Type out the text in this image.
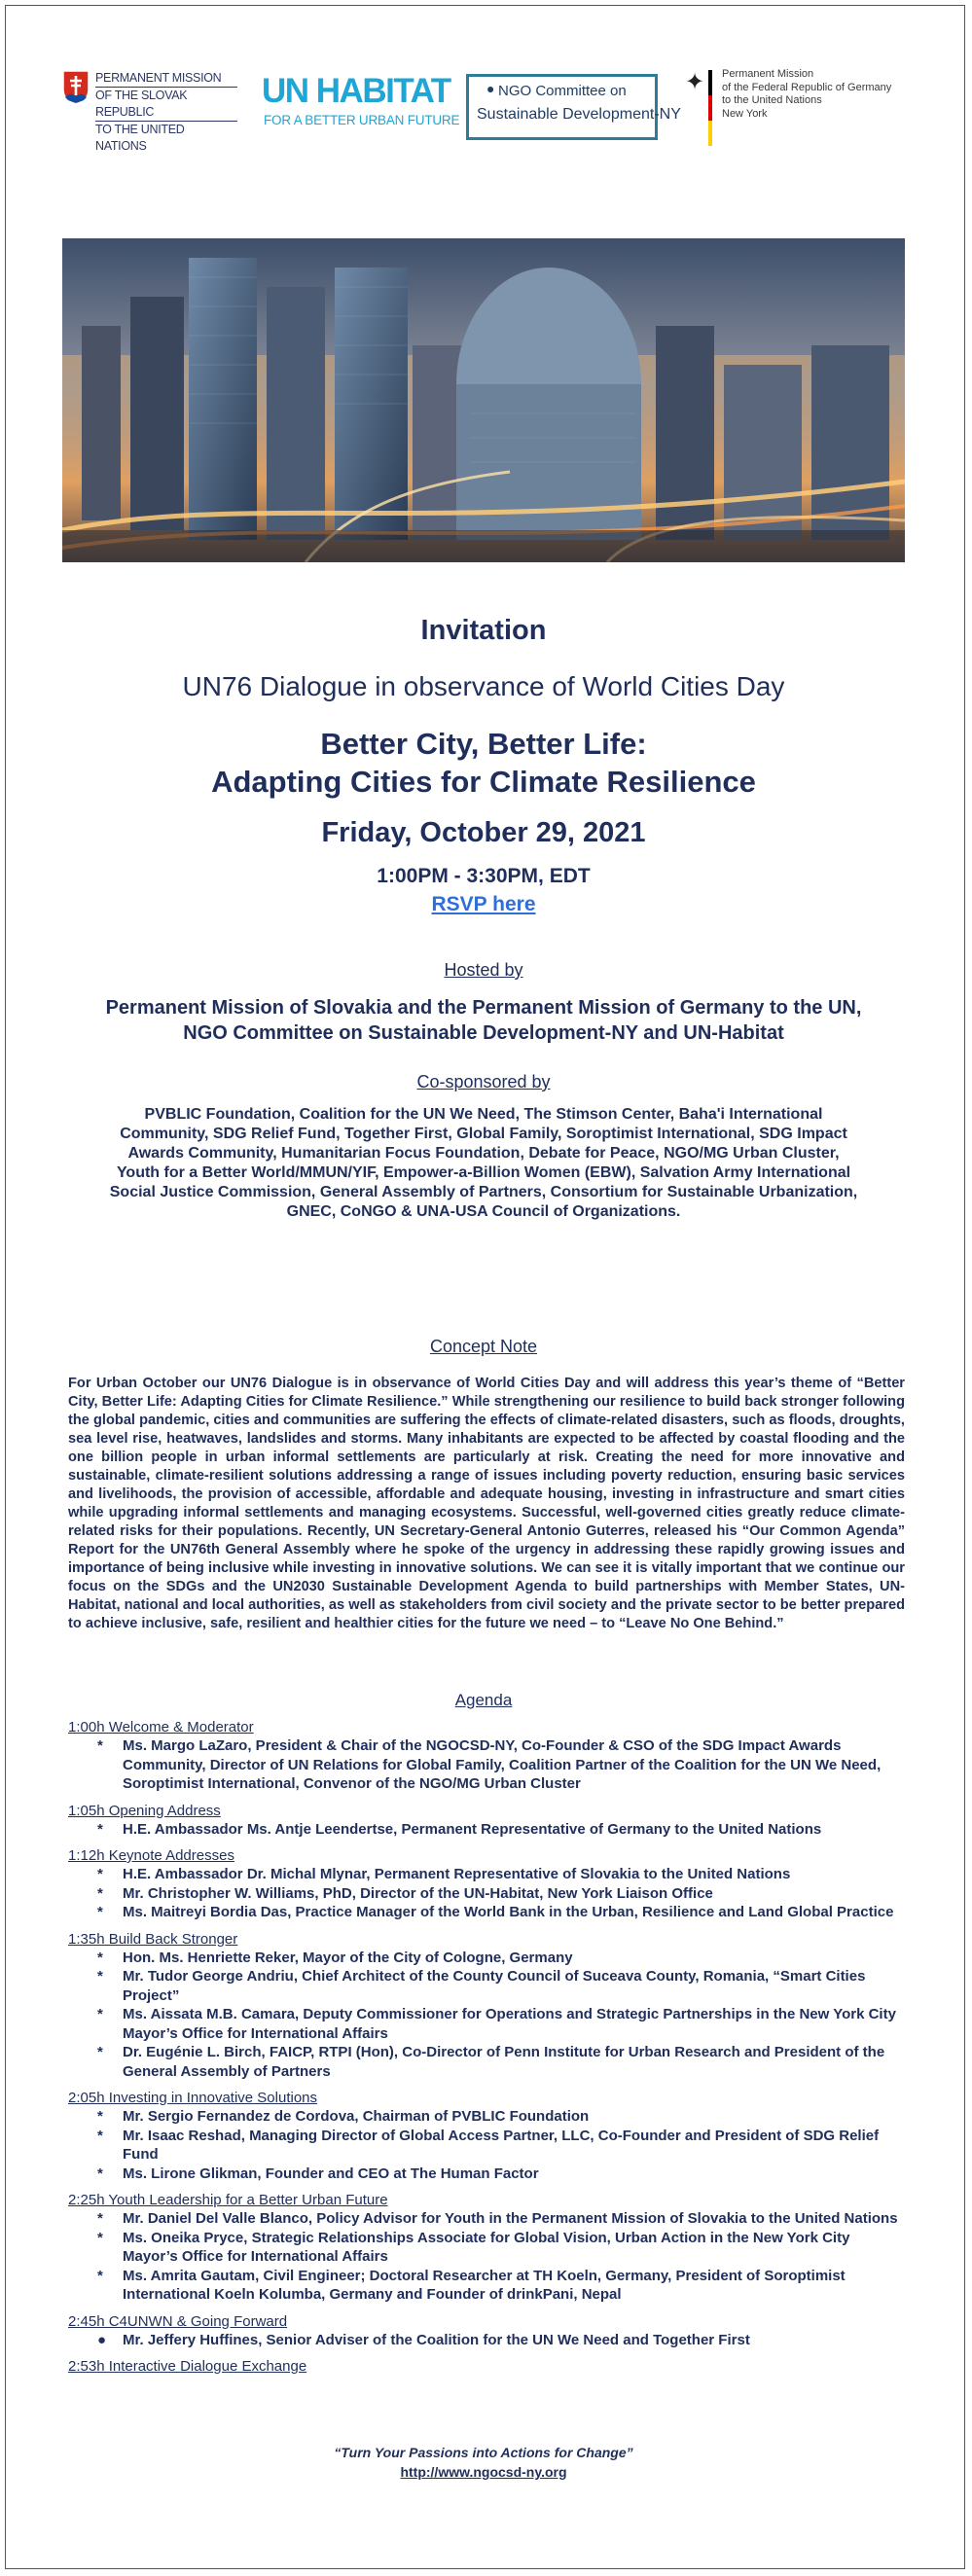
PERMANENT MISSION
OF THE SLOVAK REPUBLIC
TO THE UNITED NATIONS
UN HABITAT
FOR A BETTER URBAN FUTURE
● NGO Committee on
Sustainable Development-NY
✦ Permanent Mission
of the Federal Republic of Germany
to the United Nations
New York
Invitation
UN76 Dialogue in observance of World Cities Day
Better City, Better Life:
Adapting Cities for Climate Resilience
Friday, October 29, 2021
1:00PM - 3:30PM, EDT
RSVP here
Hosted by
Permanent Mission of Slovakia and the Permanent Mission of Germany to the UN,
NGO Committee on Sustainable Development-NY and UN-Habitat
Co-sponsored by
PVBLIC Foundation, Coalition for the UN We Need, The Stimson Center, Baha'i International
Community, SDG Relief Fund, Together First, Global Family, Soroptimist International, SDG Impact
Awards Community, Humanitarian Focus Foundation, Debate for Peace, NGO/MG Urban Cluster,
Youth for a Better World/MMUN/YIF, Empower-a-Billion Women (EBW), Salvation Army International
Social Justice Commission, General Assembly of Partners, Consortium for Sustainable Urbanization,
GNEC, CoNGO & UNA-USA Council of Organizations.
Concept Note
For Urban October our UN76 Dialogue is in observance of World Cities Day and will address this year’s theme of “Better City, Better Life: Adapting Cities for Climate Resilience.” While strengthening our resilience to build back stronger following the global pandemic, cities and communities are suffering the effects of climate-related disasters, such as floods, droughts, sea level rise, heatwaves, landslides and storms. Many inhabitants are expected to be affected by coastal flooding and the one billion people in urban informal settlements are particularly at risk. Creating the need for more innovative and sustainable, climate-resilient solutions addressing a range of issues including poverty reduction, ensuring basic services and livelihoods, the provision of accessible, affordable and adequate housing, investing in infrastructure and smart cities while upgrading informal settlements and managing ecosystems. Successful, well-governed cities greatly reduce climate-related risks for their populations. Recently, UN Secretary-General Antonio Guterres, released his “Our Common Agenda” Report for the UN76th General Assembly where he spoke of the urgency in addressing these rapidly growing issues and importance of being inclusive while investing in innovative solutions. We can see it is vitally important that we continue our focus on the SDGs and the UN2030 Sustainable Development Agenda to build partnerships with Member States, UN-Habitat, national and local authorities, as well as stakeholders from civil society and the private sector to be better prepared to achieve inclusive, safe, resilient and healthier cities for the future we need – to “Leave No One Behind.”
Agenda
1:00h Welcome & Moderator
* Ms. Margo LaZaro, President & Chair of the NGOCSD-NY, Co-Founder & CSO of the SDG Impact Awards Community, Director of UN Relations for Global Family, Coalition Partner of the Coalition for the UN We Need, Soroptimist International, Convenor of the NGO/MG Urban Cluster
1:05h Opening Address
* H.E. Ambassador Ms. Antje Leendertse, Permanent Representative of Germany to the United Nations
1:12h Keynote Addresses
* H.E. Ambassador Dr. Michal Mlynar, Permanent Representative of Slovakia to the United Nations
* Mr. Christopher W. Williams, PhD, Director of the UN-Habitat, New York Liaison Office
* Ms. Maitreyi Bordia Das, Practice Manager of the World Bank in the Urban, Resilience and Land Global Practice
1:35h Build Back Stronger
* Hon. Ms. Henriette Reker, Mayor of the City of Cologne, Germany
* Mr. Tudor George Andriu, Chief Architect of the County Council of Suceava County, Romania, “Smart Cities Project”
* Ms. Aissata M.B. Camara, Deputy Commissioner for Operations and Strategic Partnerships in the New York City Mayor’s Office for International Affairs
* Dr. Eugénie L. Birch, FAICP, RTPI (Hon), Co-Director of Penn Institute for Urban Research and President of the General Assembly of Partners
2:05h Investing in Innovative Solutions
* Mr. Sergio Fernandez de Cordova, Chairman of PVBLIC Foundation
* Mr. Isaac Reshad, Managing Director of Global Access Partner, LLC, Co-Founder and President of SDG Relief Fund
* Ms. Lirone Glikman, Founder and CEO at The Human Factor
2:25h Youth Leadership for a Better Urban Future
* Mr. Daniel Del Valle Blanco, Policy Advisor for Youth in the Permanent Mission of Slovakia to the United Nations
* Ms. Oneika Pryce, Strategic Relationships Associate for Global Vision, Urban Action in the New York City Mayor’s Office for International Affairs
* Ms. Amrita Gautam, Civil Engineer; Doctoral Researcher at TH Koeln, Germany, President of Soroptimist International Koeln Kolumba, Germany and Founder of drinkPani, Nepal
2:45h C4UNWN & Going Forward
● Mr. Jeffery Huffines, Senior Adviser of the Coalition for the UN We Need and Together First
2:53h Interactive Dialogue Exchange
“Turn Your Passions into Actions for Change”
http://www.ngocsd-ny.org
